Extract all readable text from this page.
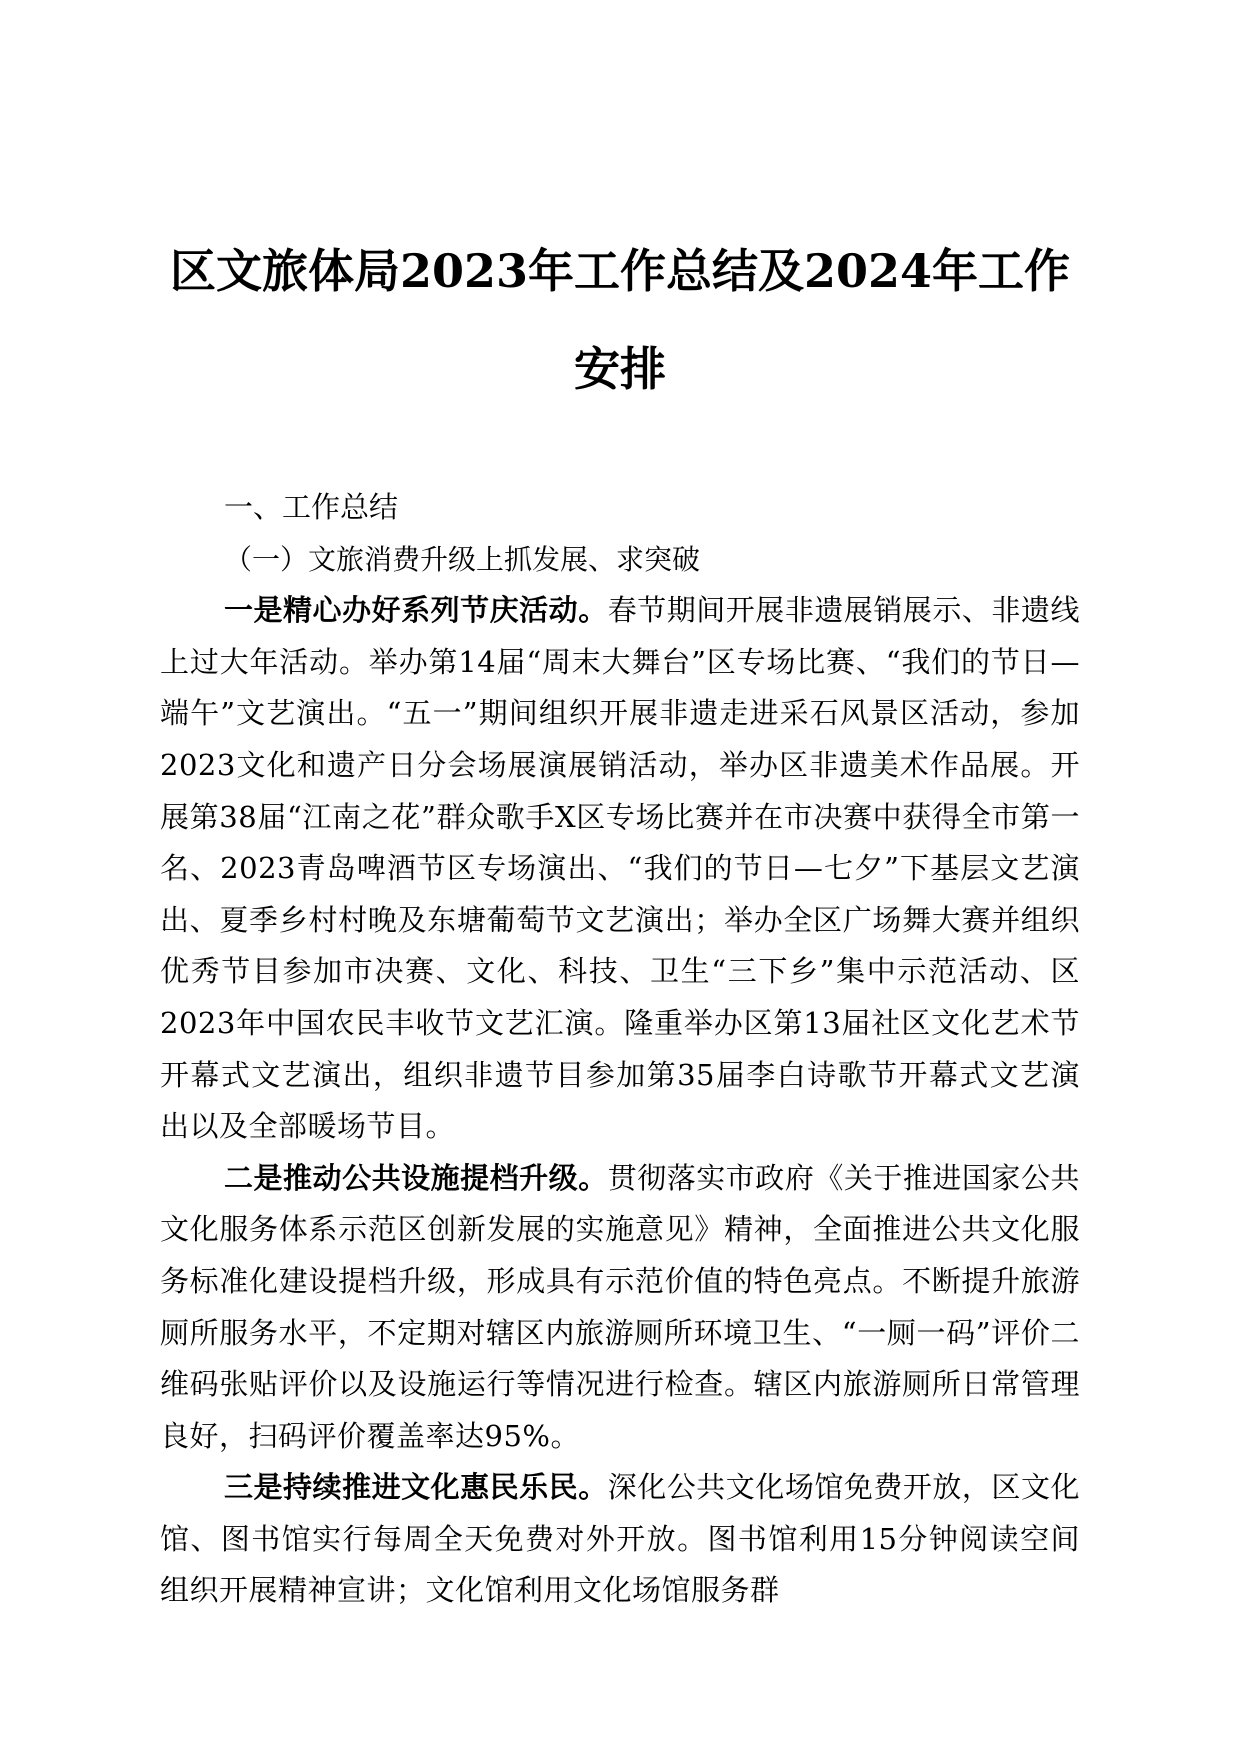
区文旅体局2023年工作总结及2024年工作安排

一、工作总结

（一）文旅消费升级上抓发展、求突破

一是精心办好系列节庆活动。春节期间开展非遗展销展示、非遗线上过大年活动。举办第14届“周末大舞台”区专场比赛、“我们的节日—端午”文艺演出。“五一”期间组织开展非遗走进采石风景区活动，参加2023文化和遗产日分会场展演展销活动，举办区非遗美术作品展。开展第38届“江南之花”群众歌手X区专场比赛并在市决赛中获得全市第一名、2023青岛啤酒节区专场演出、“我们的节日—七夕”下基层文艺演出、夏季乡村村晚及东塘葡萄节文艺演出；举办全区广场舞大赛并组织优秀节目参加市决赛、文化、科技、卫生“三下乡”集中示范活动、区2023年中国农民丰收节文艺汇演。隆重举办区第13届社区文化艺术节开幕式文艺演出，组织非遗节目参加第35届李白诗歌节开幕式文艺演出以及全部暖场节目。

二是推动公共设施提档升级。贯彻落实市政府《关于推进国家公共文化服务体系示范区创新发展的实施意见》精神，全面推进公共文化服务标准化建设提档升级，形成具有示范价值的特色亮点。不断提升旅游厕所服务水平，不定期对辖区内旅游厕所环境卫生、“一厕一码”评价二维码张贴评价以及设施运行等情况进行检查。辖区内旅游厕所日常管理良好，扫码评价覆盖率达95%。

三是持续推进文化惠民乐民。深化公共文化场馆免费开放，区文化馆、图书馆实行每周全天免费对外开放。图书馆利用15分钟阅读空间组织开展精神宣讲；文化馆利用文化场馆服务群
